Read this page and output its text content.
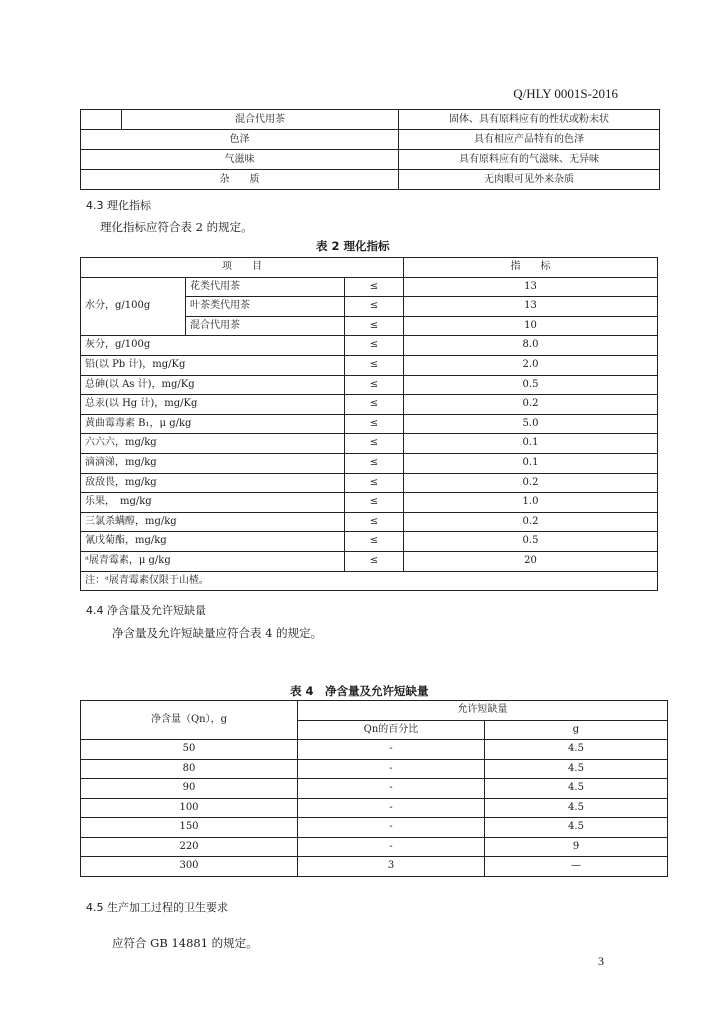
Q/HLY 0001S-2016
	混合代用茶	固体、具有原料应有的性状或粉末状
色泽		具有相应产品特有的色泽
气滋味		具有原料应有的气滋味、无异味
杂　　质		无肉眼可见外来杂质
4.3 理化指标
理化指标应符合表 2 的规定。
表 2 理化指标
项　　目			指　　标
水分，g/100g	花类代用茶	≤	13
	叶茶类代用茶	≤	13
	混合代用茶	≤	10
灰分，g/100g		≤	8.0
铅(以 Pb 计)，mg/Kg		≤	2.0
总砷(以 As 计)，mg/Kg		≤	0.5
总汞(以 Hg 计)，mg/Kg		≤	0.2
黄曲霉毒素 B₁，μ g/kg		≤	5.0
六六六，mg/kg		≤	0.1
滴滴涕，mg/kg		≤	0.1
敌敌畏，mg/kg		≤	0.2
乐果，　mg/kg		≤	1.0
三氯杀螨醇，mg/kg		≤	0.2
氰戊菊酯，mg/kg		≤	0.5
ᵃ展青霉素，μ g/kg		≤	20
注：ᵃ展青霉素仅限于山楂。			
4.4 净含量及允许短缺量
净含量及允许短缺量应符合表 4 的规定。
表 4　净含量及允许短缺量
净含量（Qn），g	允许短缺量	
	Qn的百分比	g
50	-	4.5
80	-	4.5
90	-	4.5
100	-	4.5
150	-	4.5
220	-	9
300	3	—
4.5 生产加工过程的卫生要求
应符合 GB 14881 的规定。
3
